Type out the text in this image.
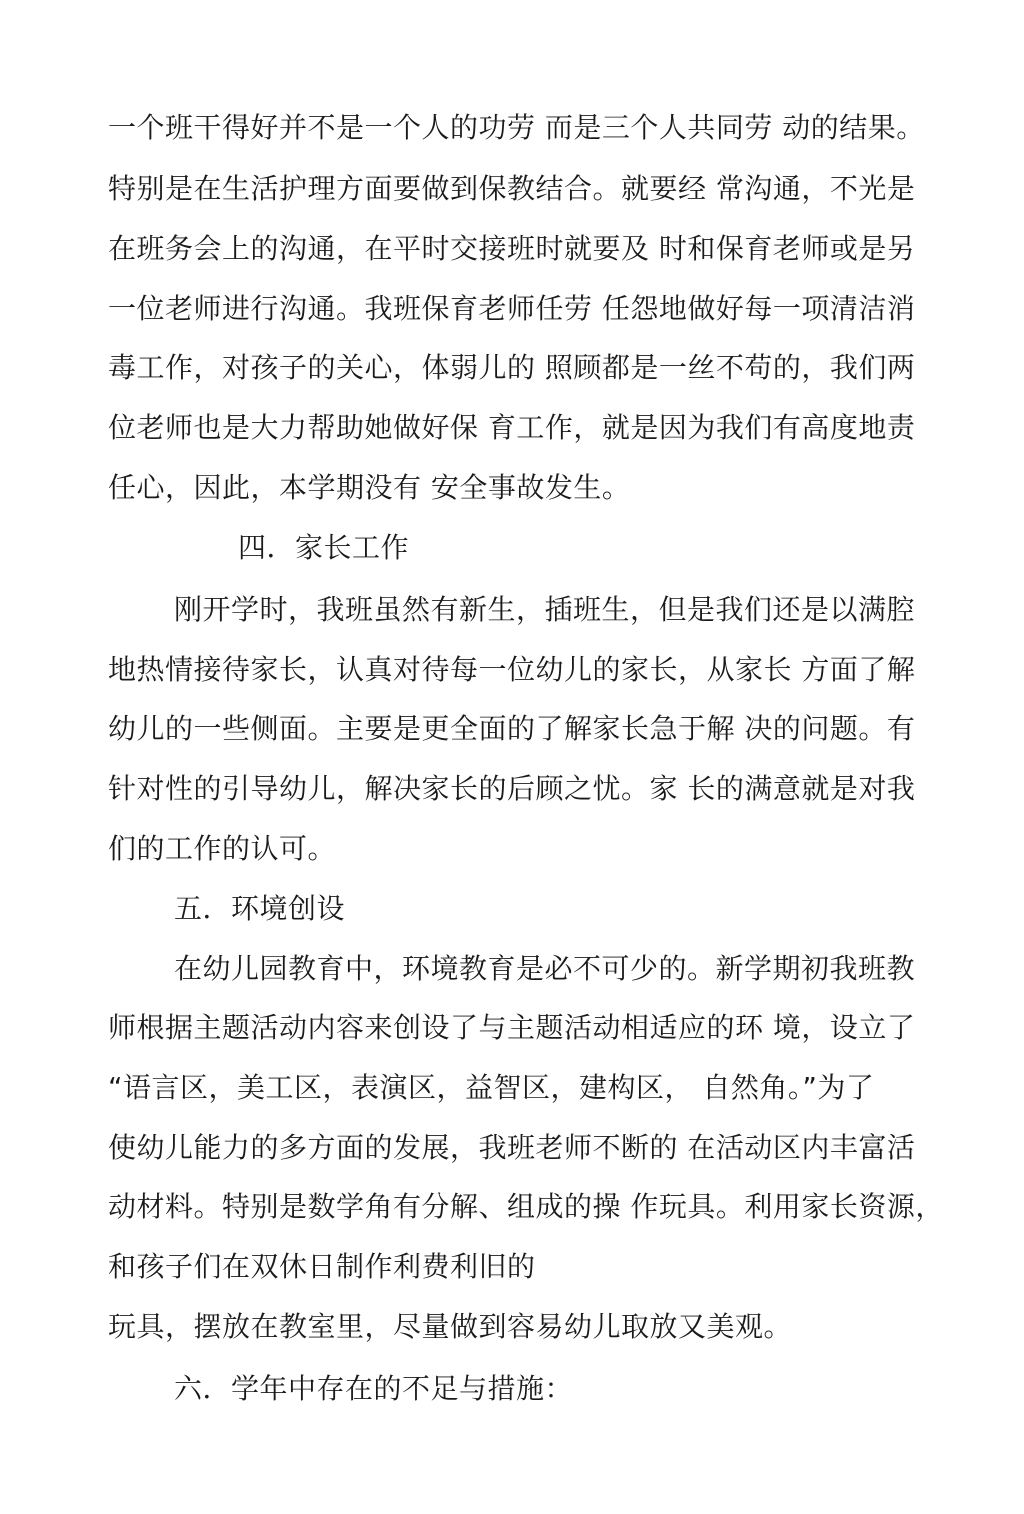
一个班干得好并不是一个人的功劳 而是三个人共同劳 动的结果。
特别是在生活护理方面要做到保教结合。就要经 常沟通，不光是
在班务会上的沟通，在平时交接班时就要及 时和保育老师或是另
一位老师进行沟通。我班保育老师任劳 任怨地做好每一项清洁消
毒工作，对孩子的关心，体弱儿的 照顾都是一丝不苟的，我们两
位老师也是大力帮助她做好保 育工作，就是因为我们有高度地责
任心，因此，本学期没有 安全事故发生。
四．家长工作
刚开学时，我班虽然有新生，插班生，但是我们还是以满腔
地热情接待家长，认真对待每一位幼儿的家长，从家长 方面了解
幼儿的一些侧面。主要是更全面的了解家长急于解 决的问题。有
针对性的引导幼儿，解决家长的后顾之忧。家 长的满意就是对我
们的工作的认可。
五．环境创设
在幼儿园教育中，环境教育是必不可少的。新学期初我班教
师根据主题活动内容来创设了与主题活动相适应的环 境，设立了
“语言区，美工区，表演区，益智区，建构区， 自然角。”为了
使幼儿能力的多方面的发展，我班老师不断的 在活动区内丰富活
动材料。特别是数学角有分解、组成的操 作玩具。利用家长资源，
和孩子们在双休日制作利费利旧的
玩具，摆放在教室里，尽量做到容易幼儿取放又美观。
六．学年中存在的不足与措施：
